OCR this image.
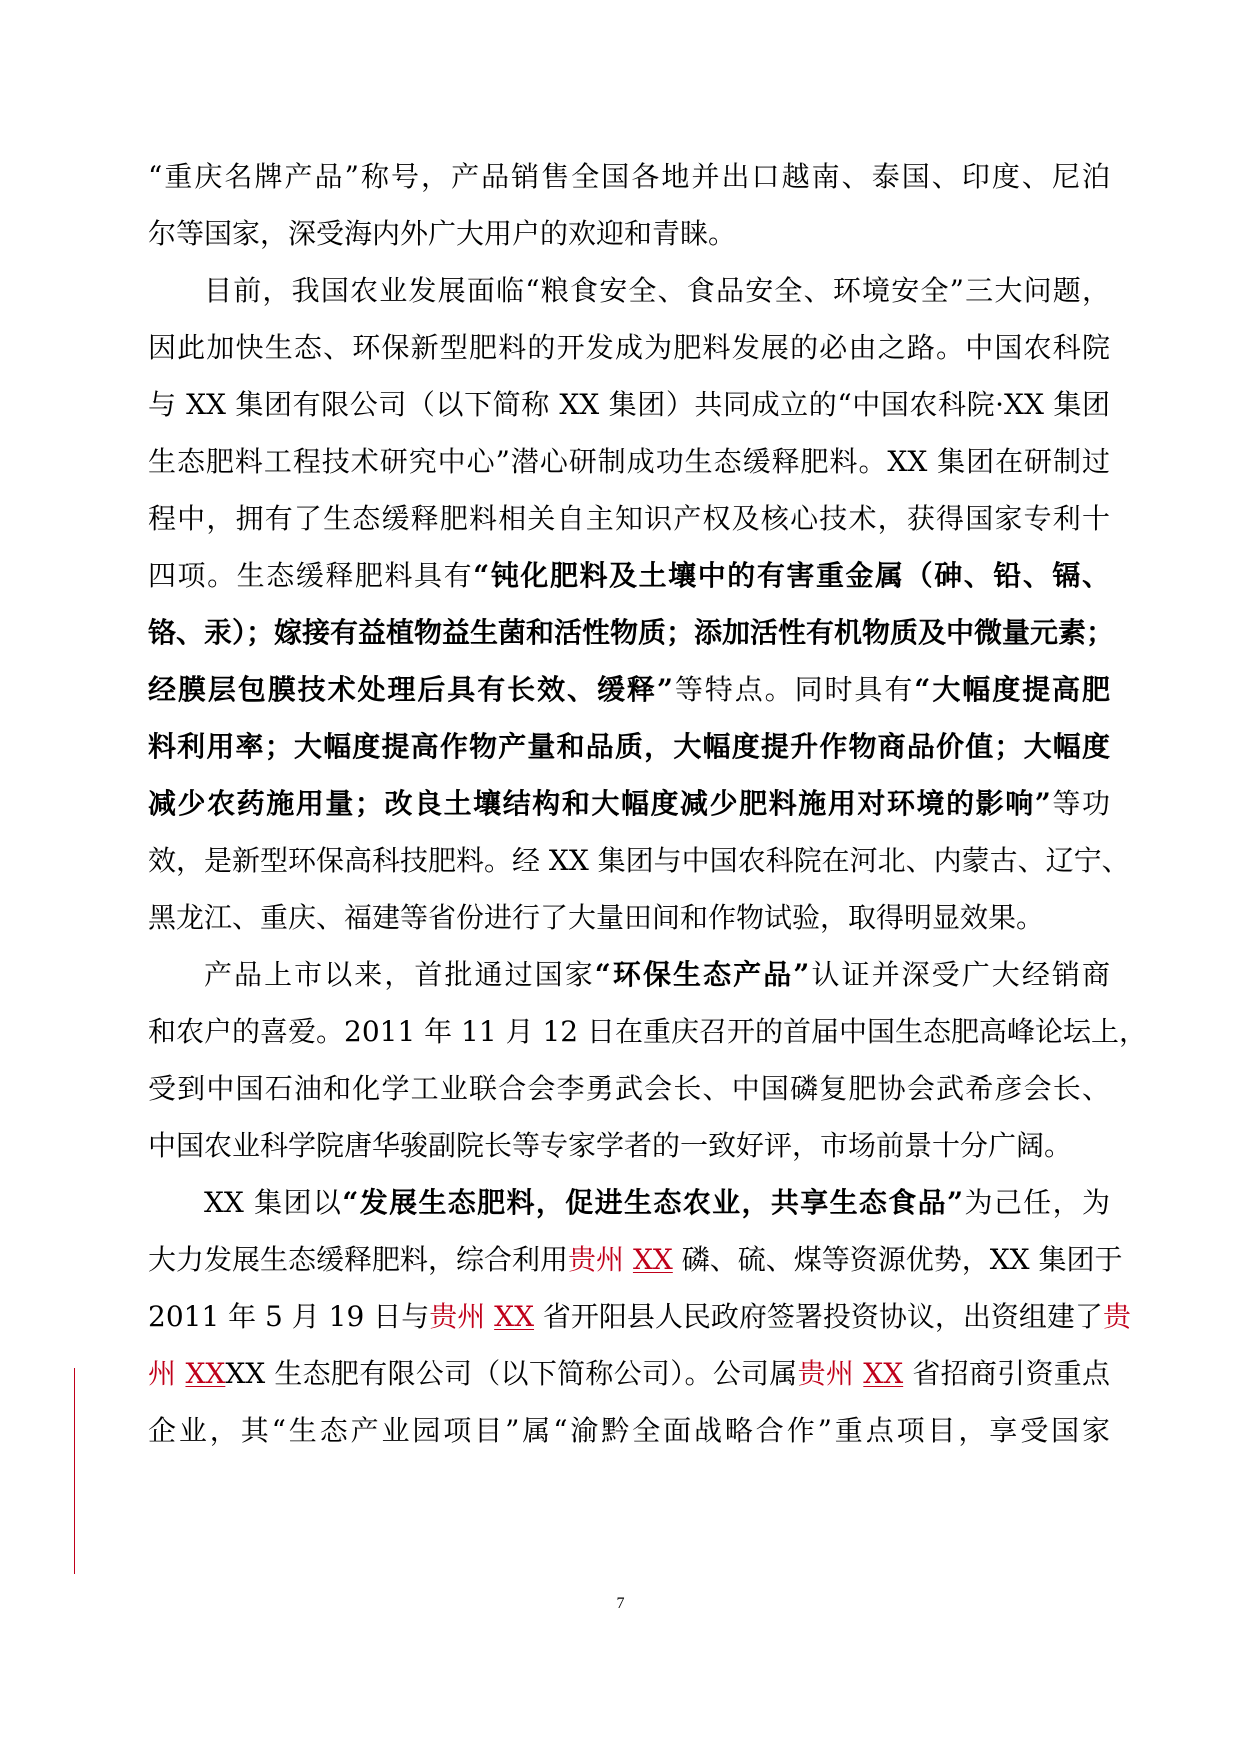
“重庆名牌产品”称号，产品销售全国各地并出口越南、泰国、印度、尼泊
尔等国家，深受海内外广大用户的欢迎和青睐。
目前，我国农业发展面临“粮食安全、食品安全、环境安全”三大问题，
因此加快生态、环保新型肥料的开发成为肥料发展的必由之路。中国农科院
与 XX 集团有限公司（以下简称 XX 集团）共同成立的“中国农科院·XX 集团
生态肥料工程技术研究中心”潜心研制成功生态缓释肥料。XX 集团在研制过
程中，拥有了生态缓释肥料相关自主知识产权及核心技术，获得国家专利十
四项。生态缓释肥料具有“钝化肥料及土壤中的有害重金属（砷、铅、镉、
铬、汞）；嫁接有益植物益生菌和活性物质；添加活性有机物质及中微量元素；
经膜层包膜技术处理后具有长效、缓释”等特点。同时具有“大幅度提高肥
料利用率；大幅度提高作物产量和品质，大幅度提升作物商品价值；大幅度
减少农药施用量；改良土壤结构和大幅度减少肥料施用对环境的影响”等功
效，是新型环保高科技肥料。经 XX 集团与中国农科院在河北、内蒙古、辽宁、
黑龙江、重庆、福建等省份进行了大量田间和作物试验，取得明显效果。
产品上市以来，首批通过国家“环保生态产品”认证并深受广大经销商
和农户的喜爱。2011 年 11 月 12 日在重庆召开的首届中国生态肥高峰论坛上，
受到中国石油和化学工业联合会李勇武会长、中国磷复肥协会武希彦会长、
中国农业科学院唐华骏副院长等专家学者的一致好评，市场前景十分广阔。
XX 集团以“发展生态肥料，促进生态农业，共享生态食品”为己任，为
大力发展生态缓释肥料，综合利用贵州 XX 磷、硫、煤等资源优势，XX 集团于
2011 年 5 月 19 日与贵州 XX 省开阳县人民政府签署投资协议，出资组建了贵
州 XXXX 生态肥有限公司（以下简称公司）。公司属贵州 XX 省招商引资重点
企业，其“生态产业园项目”属“渝黔全面战略合作”重点项目，享受国家
7
